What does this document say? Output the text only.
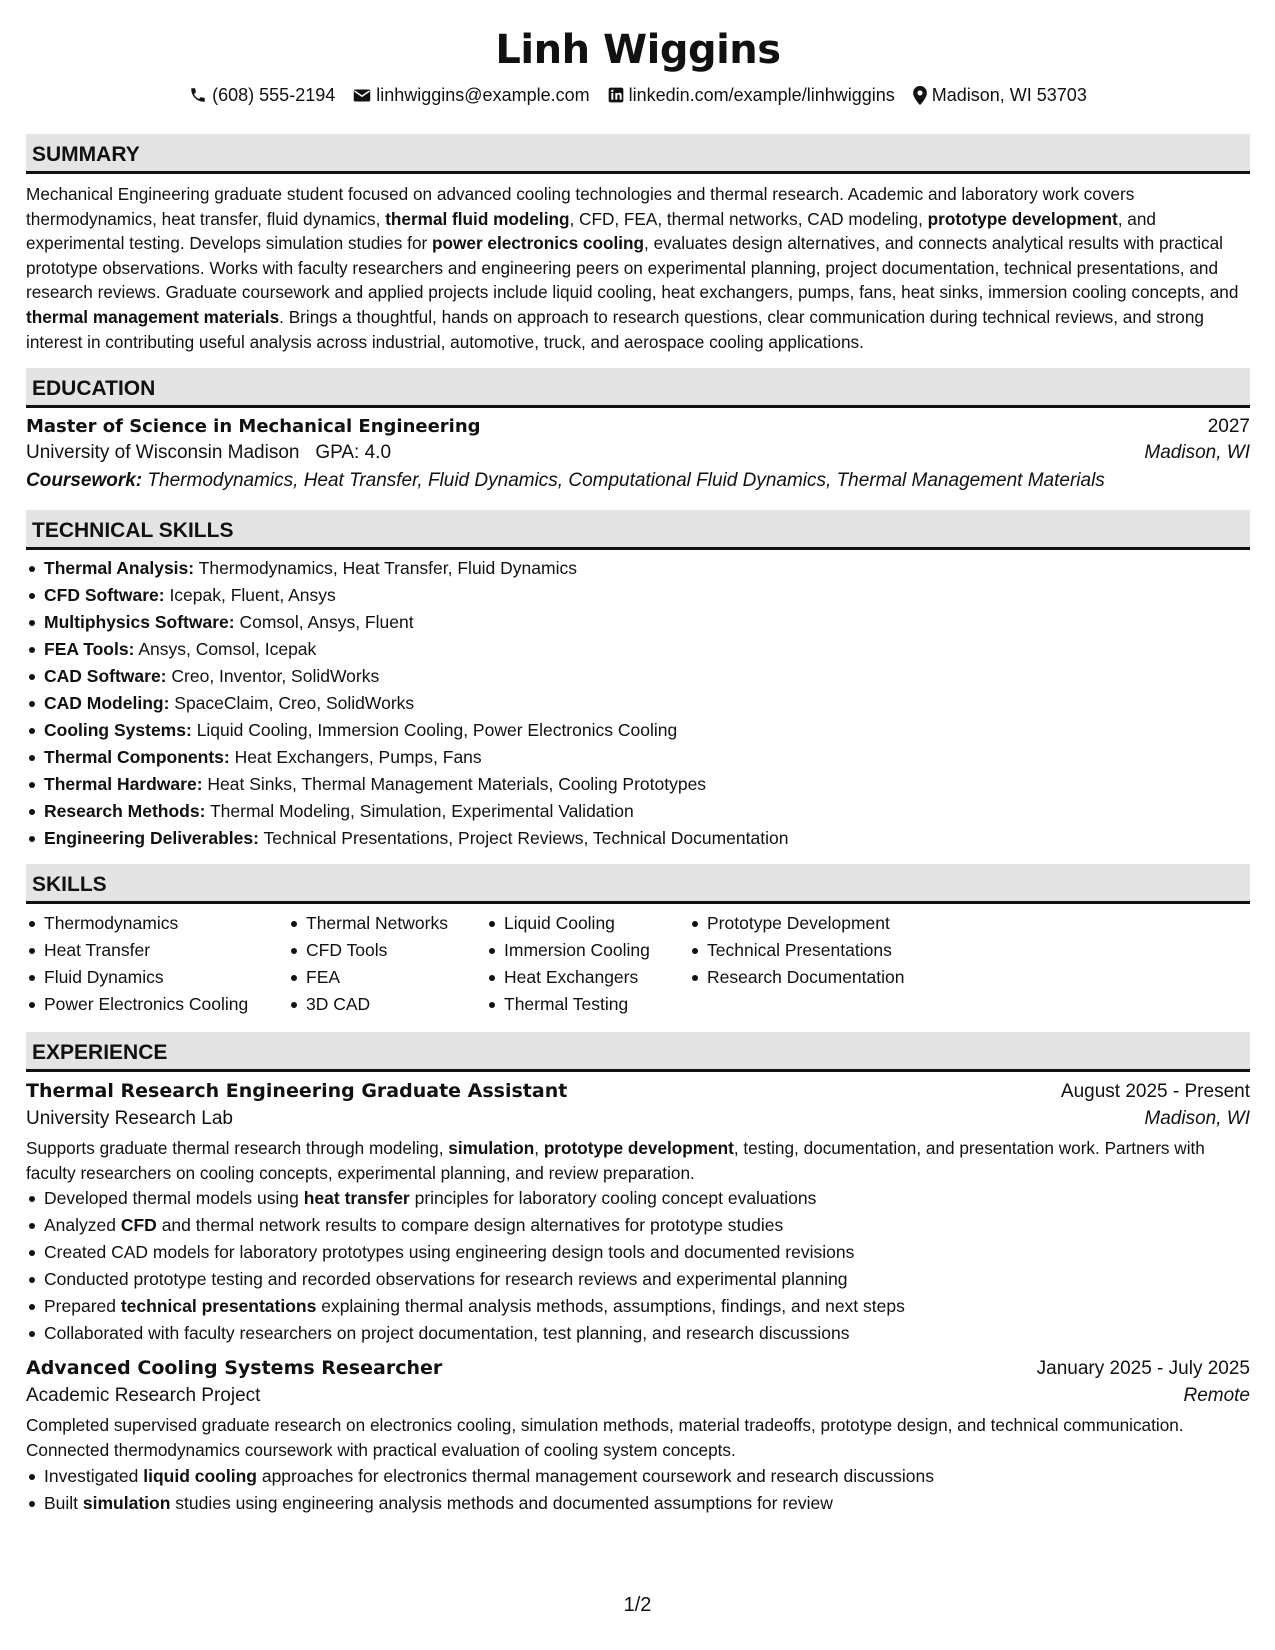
Linh Wiggins
(608) 555-2194 linhwiggins@example.com linkedin.com/example/linhwiggins Madison, WI 53703
SUMMARY

Mechanical Engineering graduate student focused on advanced cooling technologies and thermal research. Academic and laboratory work covers thermodynamics, heat transfer, fluid dynamics, thermal fluid modeling, CFD, FEA, thermal networks, CAD modeling, prototype development, and experimental testing. Develops simulation studies for power electronics cooling, evaluates design alternatives, and connects analytical results with practical prototype observations. Works with faculty researchers and engineering peers on experimental planning, project documentation, technical presentations, and research reviews. Graduate coursework and applied projects include liquid cooling, heat exchangers, pumps, fans, heat sinks, immersion cooling concepts, and thermal management materials. Brings a thoughtful, hands on approach to research questions, clear communication during technical reviews, and strong interest in contributing useful analysis across industrial, automotive, truck, and aerospace cooling applications.

EDUCATION
Master of Science in Mechanical Engineering	2027
University of Wisconsin Madison GPA: 4.0	Madison, WI
Coursework: Thermodynamics, Heat Transfer, Fluid Dynamics, Computational Fluid Dynamics, Thermal Management Materials
TECHNICAL SKILLS
Thermal Analysis: Thermodynamics, Heat Transfer, Fluid Dynamics
CFD Software: Icepak, Fluent, Ansys
Multiphysics Software: Comsol, Ansys, Fluent
FEA Tools: Ansys, Comsol, Icepak
CAD Software: Creo, Inventor, SolidWorks
CAD Modeling: SpaceClaim, Creo, SolidWorks
Cooling Systems: Liquid Cooling, Immersion Cooling, Power Electronics Cooling
Thermal Components: Heat Exchangers, Pumps, Fans
Thermal Hardware: Heat Sinks, Thermal Management Materials, Cooling Prototypes
Research Methods: Thermal Modeling, Simulation, Experimental Validation
Engineering Deliverables: Technical Presentations, Project Reviews, Technical Documentation
SKILLS
Thermodynamics
Heat Transfer
Fluid Dynamics
Power Electronics Cooling
Thermal Networks
CFD Tools
FEA
3D CAD
Liquid Cooling
Immersion Cooling
Heat Exchangers
Thermal Testing
Prototype Development
Technical Presentations
Research Documentation
EXPERIENCE
Thermal Research Engineering Graduate Assistant	August 2025 - Present
University Research Lab	Madison, WI

Supports graduate thermal research through modeling, simulation, prototype development, testing, documentation, and presentation work. Partners with faculty researchers on cooling concepts, experimental planning, and review preparation.

Developed thermal models using heat transfer principles for laboratory cooling concept evaluations
Analyzed CFD and thermal network results to compare design alternatives for prototype studies
Created CAD models for laboratory prototypes using engineering design tools and documented revisions
Conducted prototype testing and recorded observations for research reviews and experimental planning
Prepared technical presentations explaining thermal analysis methods, assumptions, findings, and next steps
Collaborated with faculty researchers on project documentation, test planning, and research discussions
Advanced Cooling Systems Researcher	January 2025 - July 2025
Academic Research Project	Remote

Completed supervised graduate research on electronics cooling, simulation methods, material tradeoffs, prototype design, and technical communication. Connected thermodynamics coursework with practical evaluation of cooling system concepts.

Investigated liquid cooling approaches for electronics thermal management coursework and research discussions
Built simulation studies using engineering analysis methods and documented assumptions for review
1/2
